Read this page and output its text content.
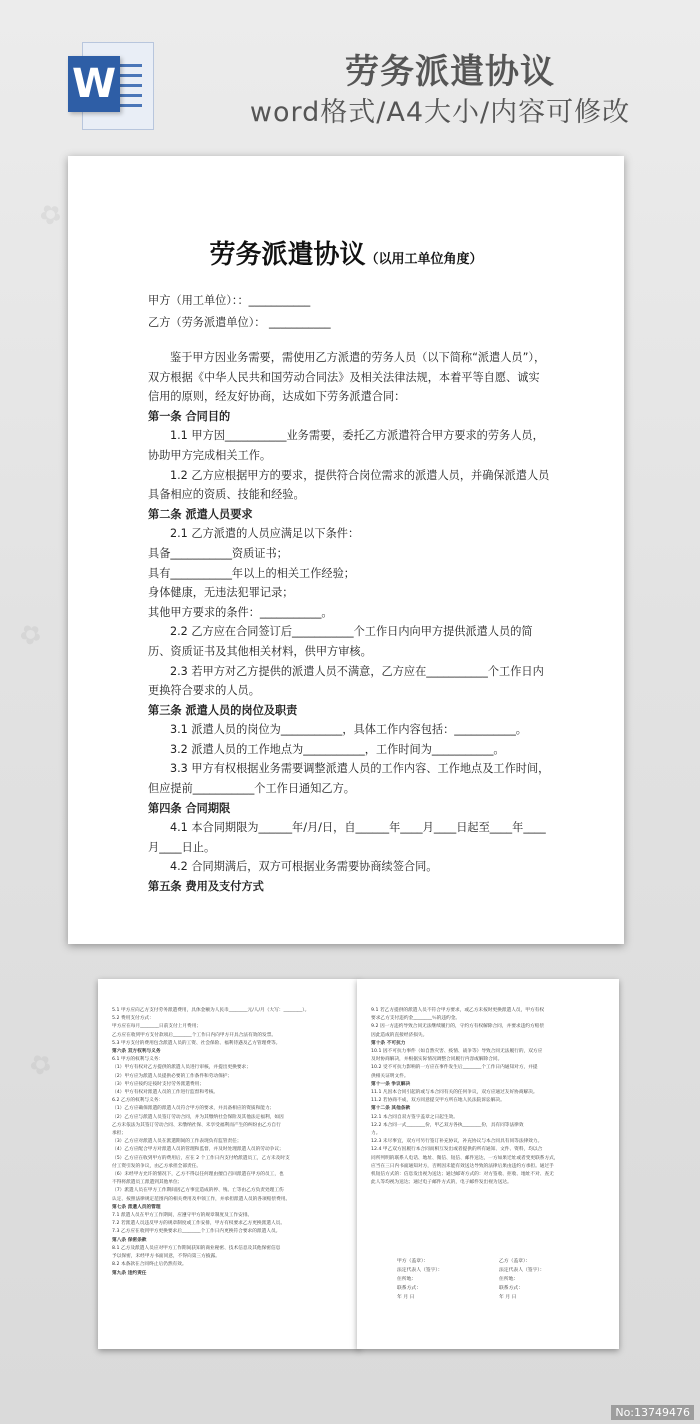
✿
✿
✿
W	劳务派遣协议
word格式/A4大小/内容可修改
劳务派遣协议（以用工单位角度）

甲方（用工单位）：：___________

乙方（劳务派遣单位）： ___________

鉴于甲方因业务需要，需使用乙方派遣的劳务人员（以下简称“派遣人员”），双方根据《中华人民共和国劳动合同法》及相关法律法规，本着平等自愿、诚实信用的原则，经友好协商，达成如下劳务派遣合同：

第一条 合同目的

1.1 甲方因___________业务需要，委托乙方派遣符合甲方要求的劳务人员，协助甲方完成相关工作。

1.2 乙方应根据甲方的要求，提供符合岗位需求的派遣人员，并确保派遣人员具备相应的资质、技能和经验。

第二条 派遣人员要求

2.1 乙方派遣的人员应满足以下条件：

具备___________资质证书；

具有___________年以上的相关工作经验；

身体健康，无违法犯罪记录；

其他甲方要求的条件：___________。

2.2 乙方应在合同签订后___________个工作日内向甲方提供派遣人员的简历、资质证书及其他相关材料，供甲方审核。

2.3 若甲方对乙方提供的派遣人员不满意，乙方应在___________个工作日内更换符合要求的人员。

第三条 派遣人员的岗位及职责

3.1 派遣人员的岗位为___________，具体工作内容包括：___________。

3.2 派遣人员的工作地点为___________，工作时间为___________。

3.3 甲方有权根据业务需要调整派遣人员的工作内容、工作地点及工作时间，但应提前___________个工作日通知乙方。

第四条 合同期限

4.1 本合同期限为______年/月/日，自______年____月____日起至____年____月____日止。

4.2 合同期满后，双方可根据业务需要协商续签合同。

第五条 费用及支付方式

5.1 甲方应向乙方支付劳务派遣费用，具体金额为人民币________元/人/月（大写：________）。

5.2 费用支付方式：

甲方应在每月________日前支付上月费用；

乙方应在收到甲方支付款项后________个工作日内向甲方开具合法有效的发票。

5.3 甲方支付的费用包含派遣人员的工资、社会保险、福利待遇及乙方管理费等。

第六条 双方权利与义务

6.1 甲方的权利与义务：

（1）甲方有权对乙方提供的派遣人员进行审核，并提出更换要求；

（2）甲方应为派遣人员提供必要的工作条件和劳动保护；

（3）甲方应按约定按时支付劳务派遣费用；

（4）甲方有权对派遣人员的工作进行监督和考核。

6.2 乙方的权利与义务：

（1）乙方应确保派遣的派遣人员符合甲方的要求，并具备相应的资质和能力；

（2）乙方应与派遣人员签订劳动合同，并为其缴纳社会保险及其他法定福利，如因

乙方未依法为其签订劳动合同、未缴纳社保、未享受福利而产生的纠纷由乙方自行

承担；

（3）乙方应对派遣人员在派遣期间的工作表现负有监管责任；

（4）乙方应配合甲方对派遣人员的管理和监督，并及时处理派遣人员的劳动争议；

（5）乙方应在收到甲方的费用后，应在 2 个工作日内支付给派遣员工，乙方未及时支

付工资引发的争议，由乙方承担全部责任。

（6）未经甲方允许的情况下，乙方不得以任何理由擅自召回派遣在甲方的员工，也

不得将派遣员工派遣到其他单位；

（7）派遣人员在甲方工作期间因乙方事宜造成的停、残、亡等由乙方负责处理工伤

认定、按照法律规定范围内的相关费用及申领工作，并承担派遣人员的各项赔偿费用。

第七条 派遣人员的管理

7.1 派遣人员在甲方工作期间，应遵守甲方的规章制度及工作安排。

7.2 若派遣人员违反甲方的规章制度或工作安排，甲方有权要求乙方更换派遣人员。

7.3 乙方应在收到甲方更换要求后________个工作日内更换符合要求的派遣人员。

第八条 保密条款

8.1 乙方及派遣人员应对甲方工作期间获知的商业秘密、技术信息及其他保密信息

予以保密，未经甲方书面同意，不得向第三方披露。

8.2 本条款在合同终止后仍然有效。

第九条 违约责任

9.1 若乙方提供的派遣人员不符合甲方要求，或乙方未按时更换派遣人员，甲方有权

要求乙方支付违约金________％的违约金。

9.2 因一方违约导致合同无法继续履行的，守约方有权解除合同，并要求违约方赔偿

因此造成的直接经济损失。

第十条 不可抗力

10.1 因不可抗力事件（如自然灾害、疫情、战争等）导致合同无法履行的，双方应

及时协商解决，并根据实际情况调整合同履行内容或解除合同。

10.2 受不可抗力影响的一方应在事件发生后________个工作日内通知对方，并提

供相关证明文件。

第十一条 争议解决

11.1 凡因本合同引起的或与本合同有关的任何争议，双方应通过友好协商解决。

11.2 若协商不成，双方同意提交甲方所在地人民法院诉讼解决。

第十二条 其他条款

12.1 本合同自双方签字盖章之日起生效。

12.2 本合同一式________份，甲乙双方各执________份，具有同等法律效

力。

12.3 未尽事宜，双方可另行签订补充协议，补充协议与本合同具有同等法律效力。

12.4 甲乙双方因履行本合同而相互发出或者提供的所有通知、文件、资料，均以合

同所列明的联系人电话、地址、微信、短信、邮件送达，一方如果迁址或者变更联系方式，

应当在三日内书面通知对方，否则因未能有效送达导致的法律后果由违约方承担。通过手

机短信方式的：信息发出视为送达；通过邮寄方式的：对方签收、拒收、地址不对、查无

此人等均视为送达；通过电子邮件方式的，电子邮件发出视为送达。

甲方（盖章）：

法定代表人（签字）：

住所地：

联系方式：

年 月 日

乙方（盖章）：

法定代表人（签字）：

住所地：

联系方式：

年 月 日

No:13749476
